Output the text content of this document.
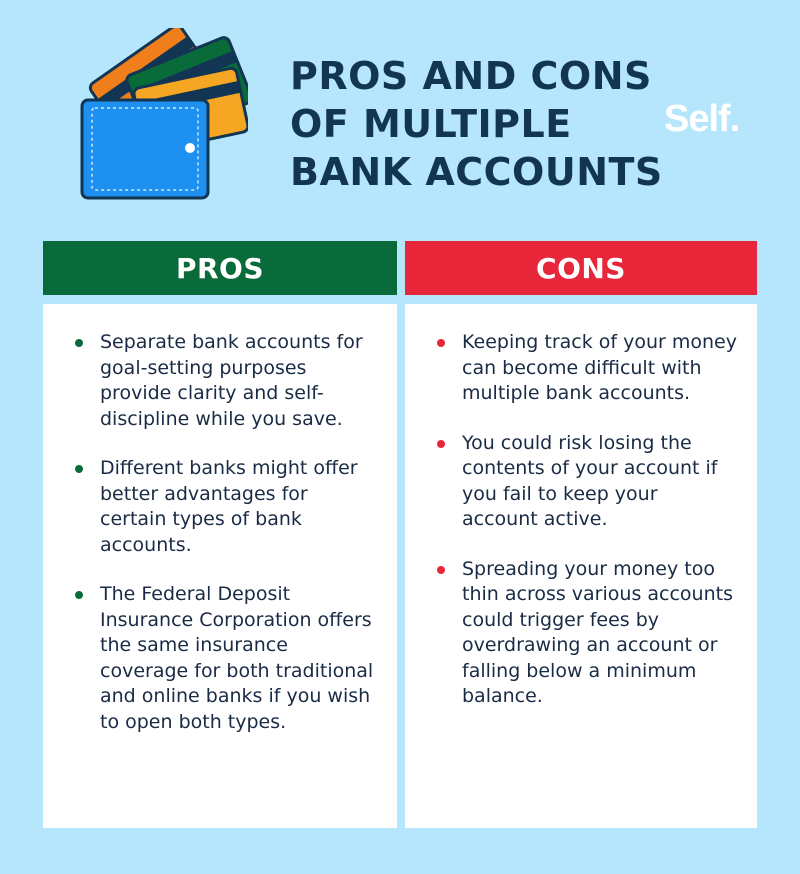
PROS AND CONS
OF MULTIPLE
BANK ACCOUNTS
Self.
PROS
Separate bank accounts for goal-setting purposes provide clarity and self-discipline while you save.
Different banks might offer better advantages for certain types of bank accounts.
The Federal Deposit Insurance Corporation offers the same insurance coverage for both traditional and online banks if you wish to open both types.
CONS
Keeping track of your money can become difficult with multiple bank accounts.
You could risk losing the contents of your account if you fail to keep your account active.
Spreading your money too thin across various accounts could trigger fees by overdrawing an account or falling below a minimum balance.
